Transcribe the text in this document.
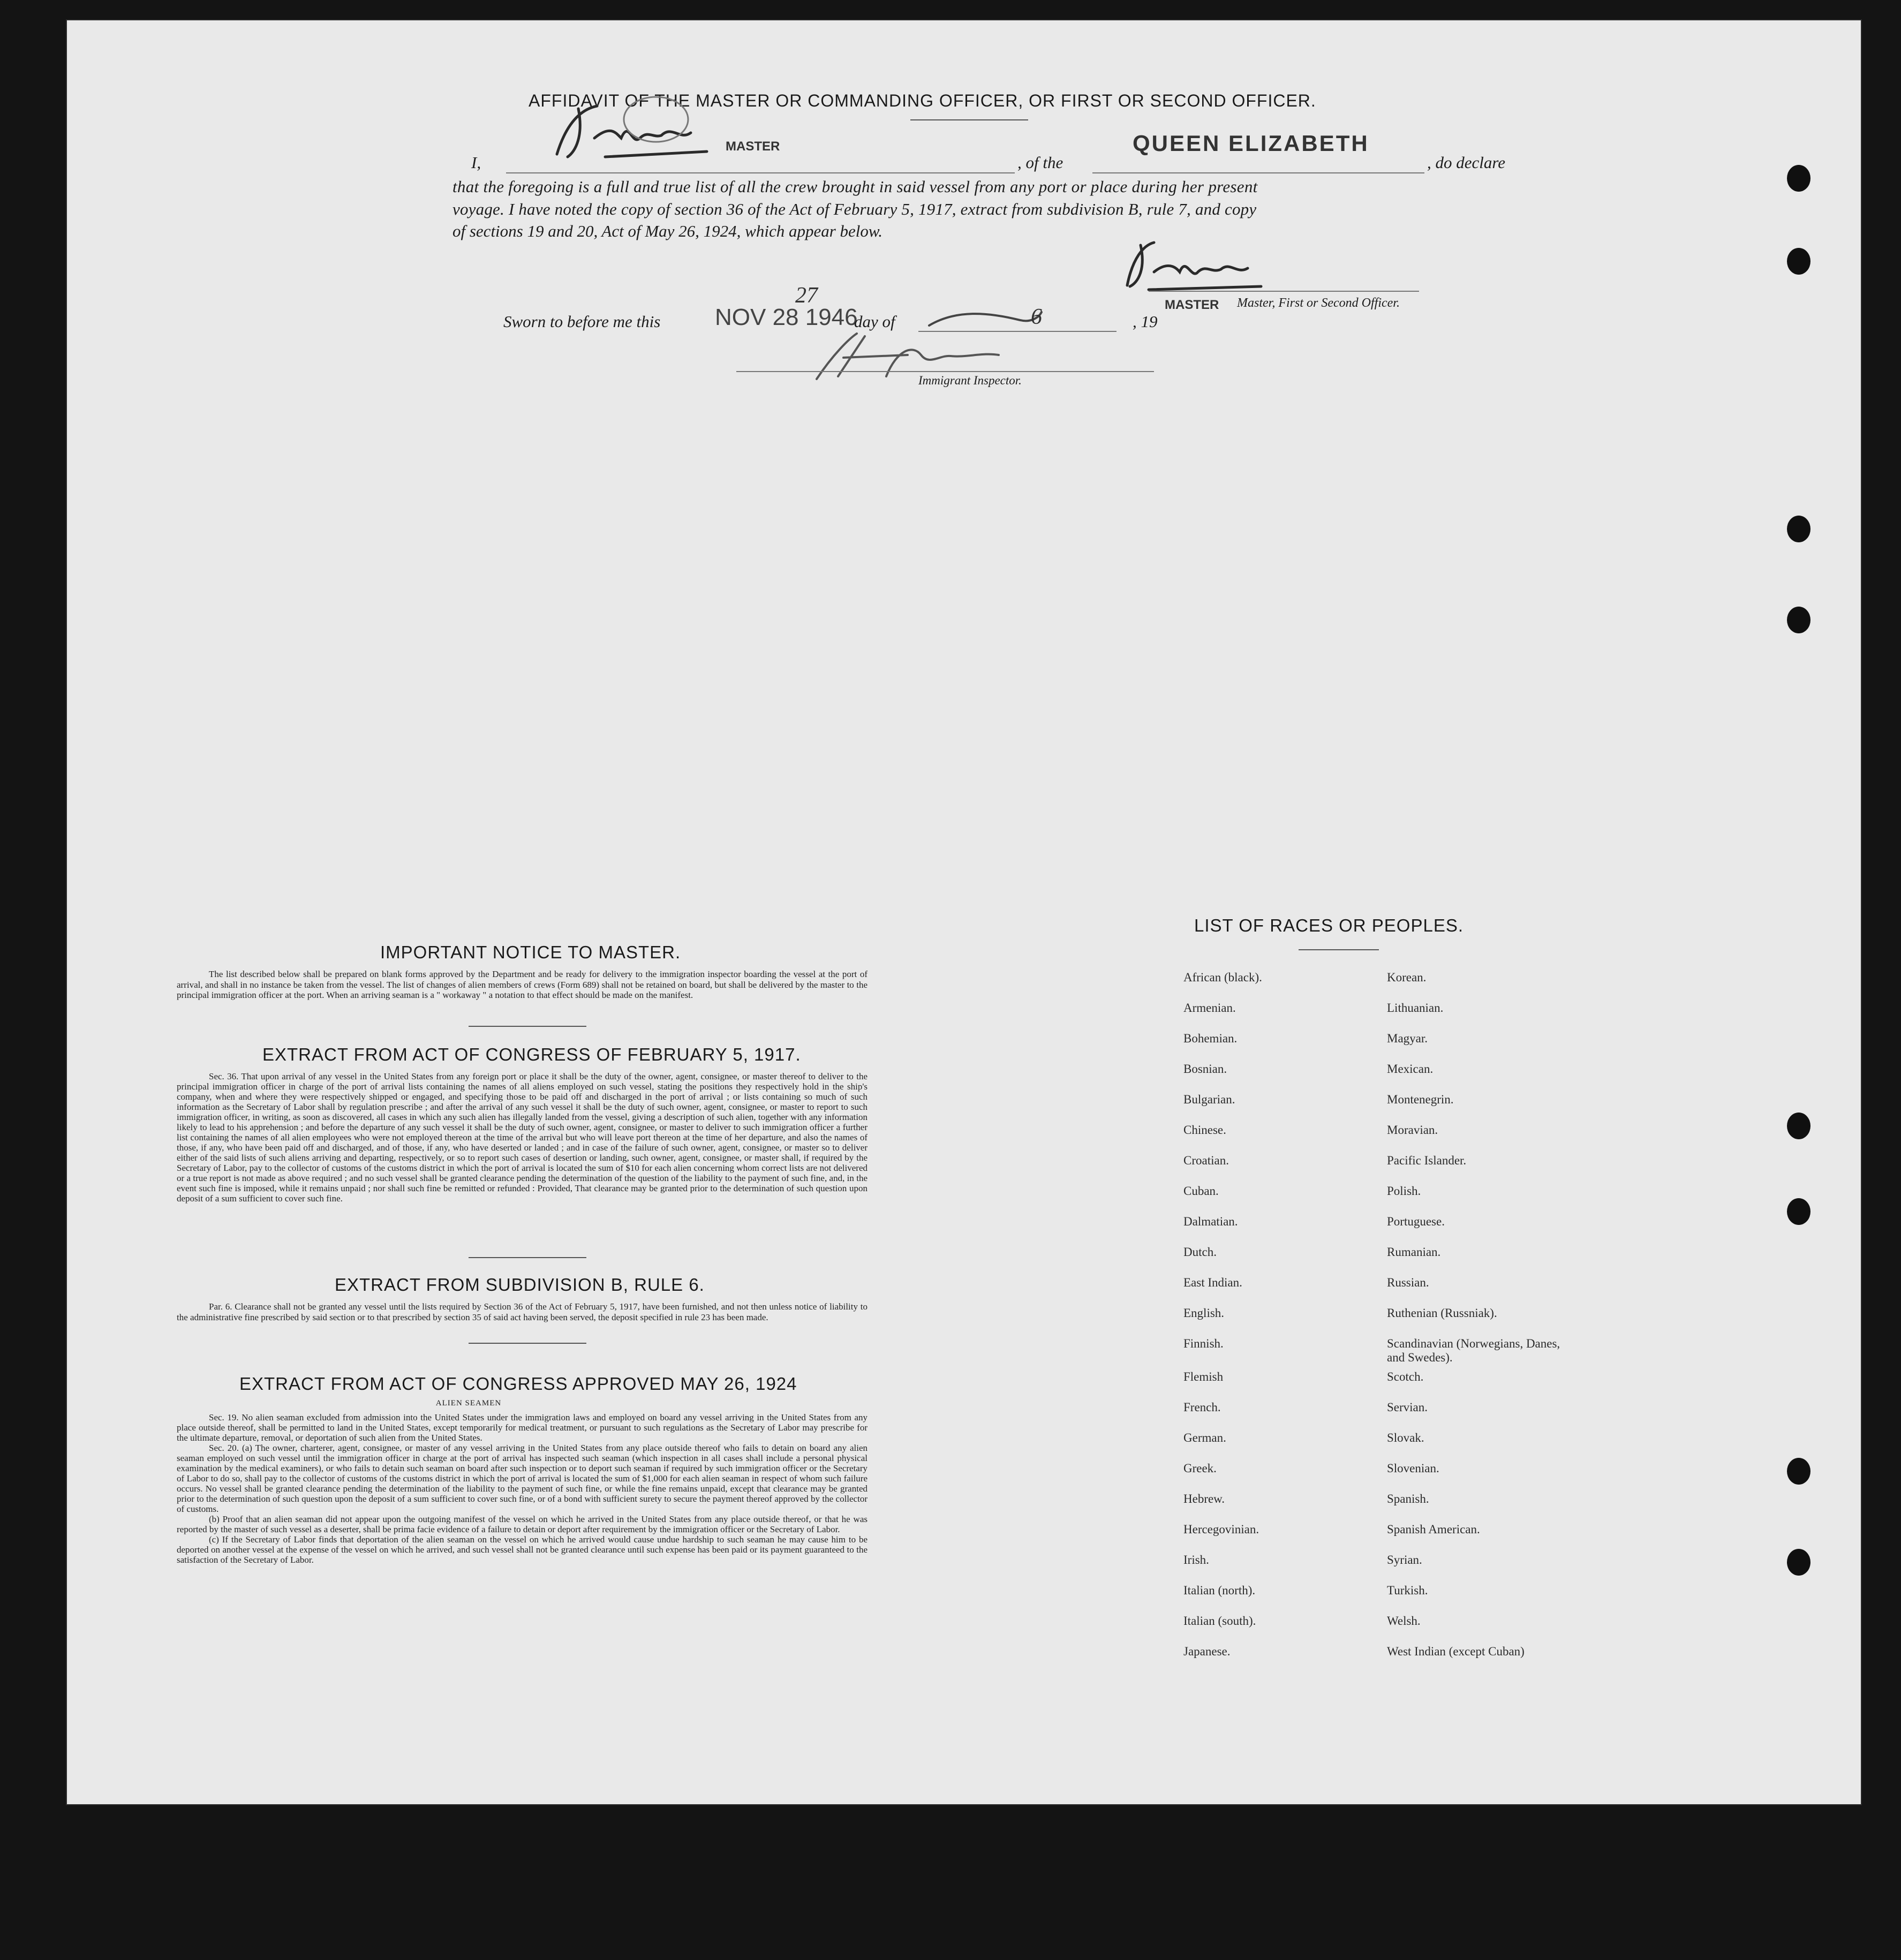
AFFIDAVIT OF THE MASTER OR COMMANDING OFFICER, OR FIRST OR SECOND OFFICER.
I,
MASTER
, of the
QUEEN ELIZABETH
, do declare
that the foregoing is a full and true list of all the crew brought in said vessel from any port or place during her present
voyage. I have noted the copy of section 36 of the Act of February 5, 1917, extract from subdivision B, rule 7, and copy
of sections 19 and 20, Act of May 26, 1924, which appear below.
MASTER Master, First or Second Officer.
Sworn to before me this NOV 28 1946
27
day of	, 19
6
Immigrant Inspector.
IMPORTANT NOTICE TO MASTER.

The list described below shall be prepared on blank forms approved by the Department and be ready for delivery to the immigration inspector boarding the vessel at the port of arrival, and shall in no instance be taken from the vessel. The list of changes of alien members of crews (Form 689) shall not be retained on board, but shall be delivered by the master to the principal immigration officer at the port. When an arriving seaman is a " workaway " a notation to that effect should be made on the manifest.

EXTRACT FROM ACT OF CONGRESS OF FEBRUARY 5, 1917.

Sec. 36. That upon arrival of any vessel in the United States from any foreign port or place it shall be the duty of the owner, agent, consignee, or master thereof to deliver to the principal immigration officer in charge of the port of arrival lists containing the names of all aliens employed on such vessel, stating the positions they respectively hold in the ship's company, when and where they were respectively shipped or engaged, and specifying those to be paid off and discharged in the port of arrival ; or lists containing so much of such information as the Secretary of Labor shall by regulation prescribe ; and after the arrival of any such vessel it shall be the duty of such owner, agent, consignee, or master to report to such immigration officer, in writing, as soon as discovered, all cases in which any such alien has illegally landed from the vessel, giving a description of such alien, together with any information likely to lead to his apprehension ; and before the departure of any such vessel it shall be the duty of such owner, agent, consignee, or master to deliver to such immigration officer a further list containing the names of all alien employees who were not employed thereon at the time of the arrival but who will leave port thereon at the time of her departure, and also the names of those, if any, who have been paid off and discharged, and of those, if any, who have deserted or landed ; and in case of the failure of such owner, agent, consignee, or master so to deliver either of the said lists of such aliens arriving and departing, respectively, or so to report such cases of desertion or landing, such owner, agent, consignee, or master shall, if required by the Secretary of Labor, pay to the collector of customs of the customs district in which the port of arrival is located the sum of $10 for each alien concerning whom correct lists are not delivered or a true report is not made as above required ; and no such vessel shall be granted clearance pending the determination of the question of the liability to the payment of such fine, and, in the event such fine is imposed, while it remains unpaid ; nor shall such fine be remitted or refunded : Provided, That clearance may be granted prior to the determination of such question upon deposit of a sum sufficient to cover such fine.

EXTRACT FROM SUBDIVISION B, RULE 6.

Par. 6. Clearance shall not be granted any vessel until the lists required by Section 36 of the Act of February 5, 1917, have been furnished, and not then unless notice of liability to the administrative fine prescribed by said section or to that prescribed by section 35 of said act having been served, the deposit specified in rule 23 has been made.

EXTRACT FROM ACT OF CONGRESS APPROVED MAY 26, 1924
ALIEN SEAMEN

Sec. 19. No alien seaman excluded from admission into the United States under the immigration laws and employed on board any vessel arriving in the United States from any place outside thereof, shall be permitted to land in the United States, except temporarily for medical treatment, or pursuant to such regulations as the Secretary of Labor may prescribe for the ultimate departure, removal, or deportation of such alien from the United States.

Sec. 20. (a) The owner, charterer, agent, consignee, or master of any vessel arriving in the United States from any place outside thereof who fails to detain on board any alien seaman employed on such vessel until the immigration officer in charge at the port of arrival has inspected such seaman (which inspection in all cases shall include a personal physical examination by the medical examiners), or who fails to detain such seaman on board after such inspection or to deport such seaman if required by such immigration officer or the Secretary of Labor to do so, shall pay to the collector of customs of the customs district in which the port of arrival is located the sum of $1,000 for each alien seaman in respect of whom such failure occurs. No vessel shall be granted clearance pending the determination of the liability to the payment of such fine, or while the fine remains unpaid, except that clearance may be granted prior to the determination of such question upon the deposit of a sum sufficient to cover such fine, or of a bond with sufficient surety to secure the payment thereof approved by the collector of customs.

(b) Proof that an alien seaman did not appear upon the outgoing manifest of the vessel on which he arrived in the United States from any place outside thereof, or that he was reported by the master of such vessel as a deserter, shall be prima facie evidence of a failure to detain or deport after requirement by the immigration officer or the Secretary of Labor.

(c) If the Secretary of Labor finds that deportation of the alien seaman on the vessel on which he arrived would cause undue hardship to such seaman he may cause him to be deported on another vessel at the expense of the vessel on which he arrived, and such vessel shall not be granted clearance until such expense has been paid or its payment guaranteed to the satisfaction of the Secretary of Labor.

LIST OF RACES OR PEOPLES.
African (black).
Armenian.
Bohemian.
Bosnian.
Bulgarian.
Chinese.
Croatian.
Cuban.
Dalmatian.
Dutch.
East Indian.
English.
Finnish.
Flemish
French.
German.
Greek.
Hebrew.
Hercegovinian.
Irish.
Italian (north).
Italian (south).
Japanese.
Korean.
Lithuanian.
Magyar.
Mexican.
Montenegrin.
Moravian.
Pacific Islander.
Polish.
Portuguese.
Rumanian.
Russian.
Ruthenian (Russniak).
Scandinavian (Norwegians, Danes, and Swedes).
Scotch.
Servian.
Slovak.
Slovenian.
Spanish.
Spanish American.
Syrian.
Turkish.
Welsh.
West Indian (except Cuban)
